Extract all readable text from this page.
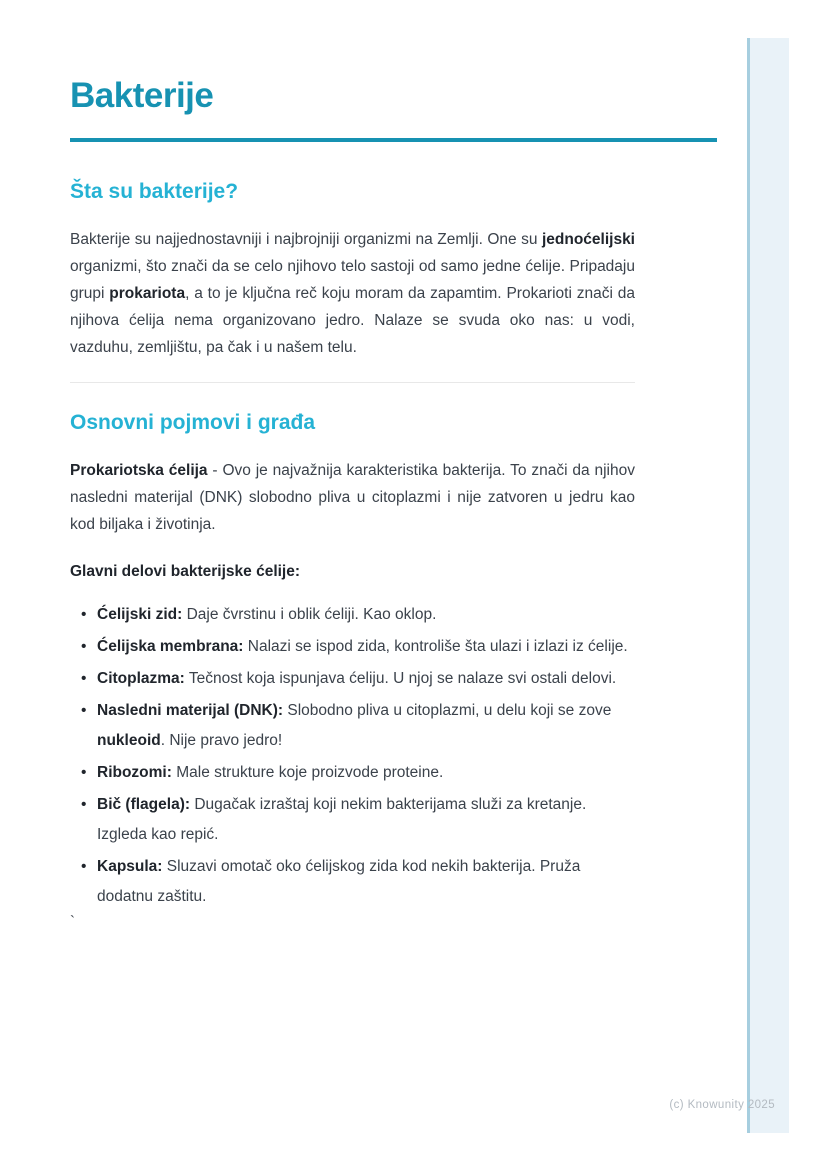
Bakterije
Šta su bakterije?

Bakterije su najjednostavniji i najbrojniji organizmi na Zemlji. One su jednoćelijski organizmi, što znači da se celo njihovo telo sastoji od samo jedne ćelije. Pripadaju grupi prokariota, a to je ključna reč koju moram da zapamtim. Prokarioti znači da njihova ćelija nema organizovano jedro. Nalaze se svuda oko nas: u vodi, vazduhu, zemljištu, pa čak i u našem telu.

Osnovni pojmovi i građa

Prokariotska ćelija - Ovo je najvažnija karakteristika bakterija. To znači da njihov nasledni materijal (DNK) slobodno pliva u citoplazmi i nije zatvoren u jedru kao kod biljaka i životinja.

Glavni delovi bakterijske ćelije:

• Ćelijski zid: Daje čvrstinu i oblik ćeliji. Kao oklop.
• Ćelijska membrana: Nalazi se ispod zida, kontroliše šta ulazi i izlazi iz ćelije.
• Citoplazma: Tečnost koja ispunjava ćeliju. U njoj se nalaze svi ostali delovi.
• Nasledni materijal (DNK): Slobodno pliva u citoplazmi, u delu koji se zove nukleoid. Nije pravo jedro!
• Ribozomi: Male strukture koje proizvode proteine.
• Bič (flagela): Dugačak izraštaj koji nekim bakterijama služi za kretanje. Izgleda kao repić.
• Kapsula: Sluzavi omotač oko ćelijskog zida kod nekih bakterija. Pruža dodatnu zaštitu.
`
(c) Knowunity 2025
